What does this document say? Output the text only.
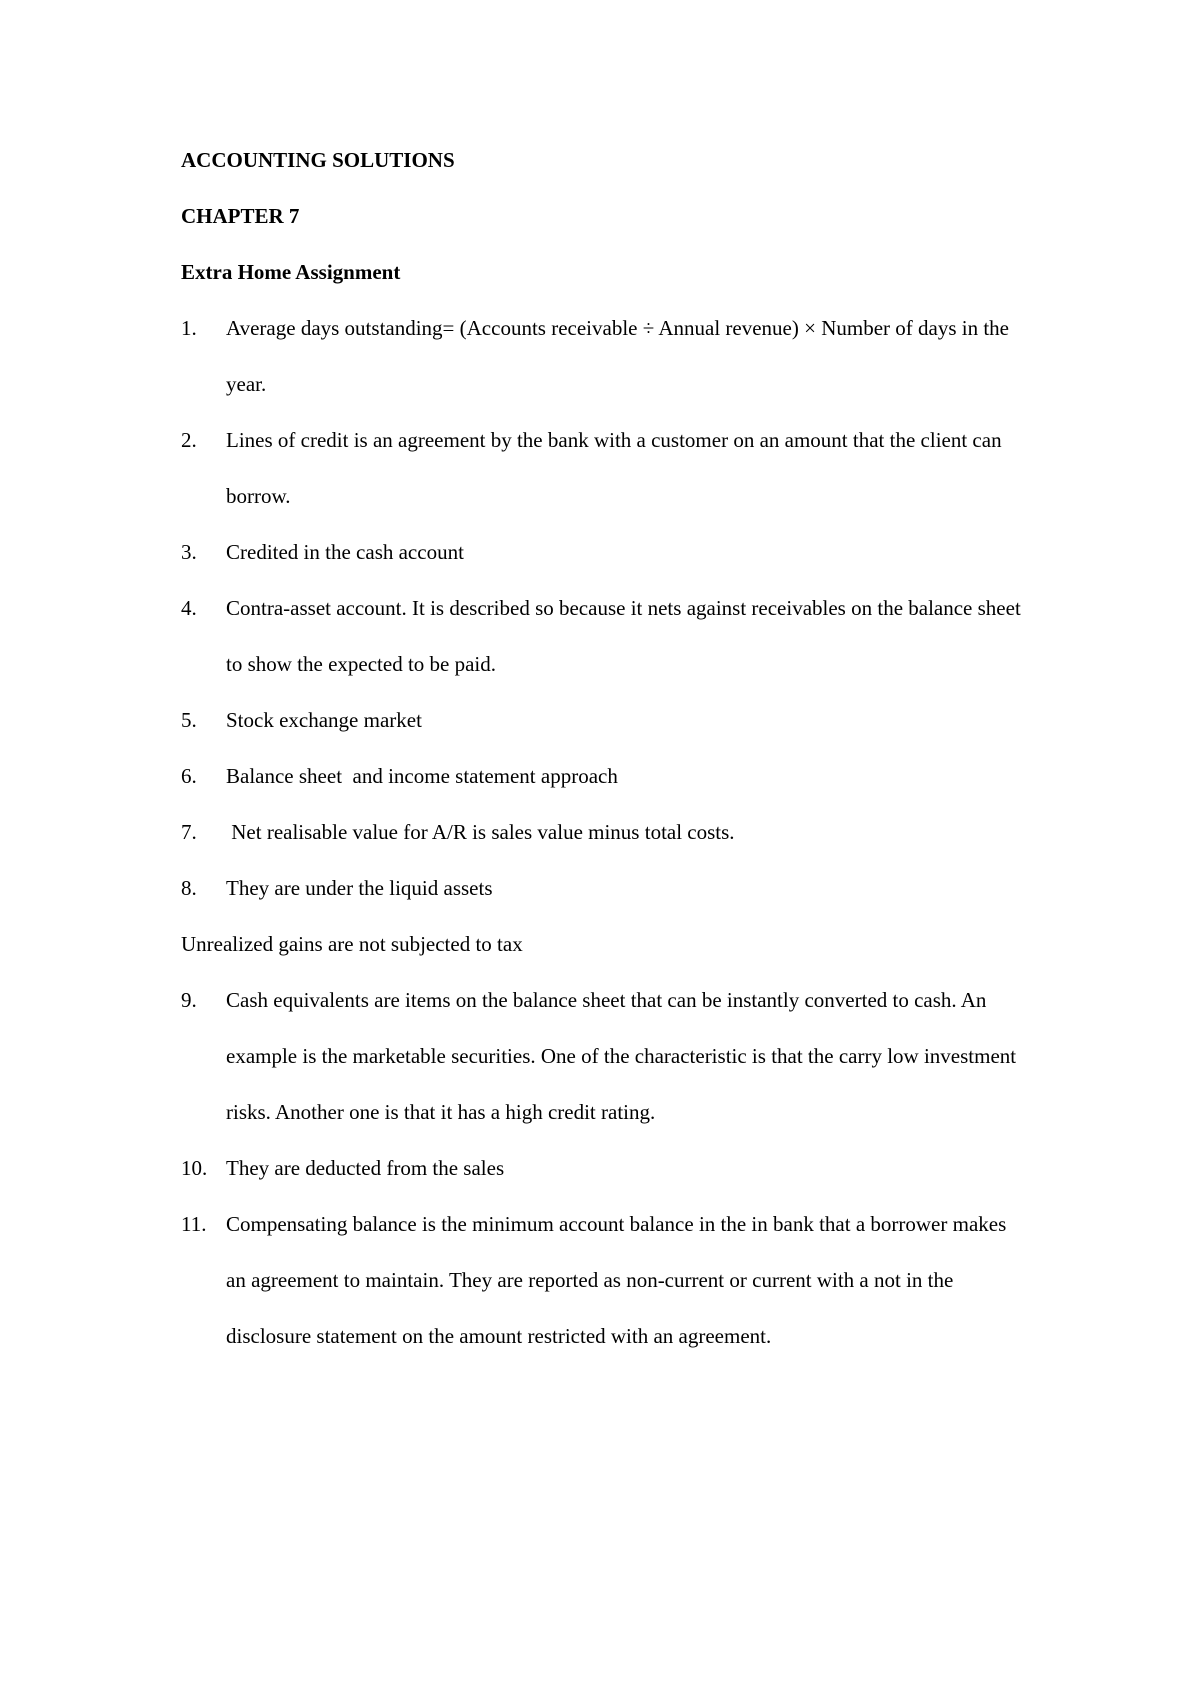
ACCOUNTING SOLUTIONS
CHAPTER 7
Extra Home Assignment
1.	Average days outstanding= (Accounts receivable ÷ Annual revenue) × Number of days in the year.
2.	Lines of credit is an agreement by the bank with a customer on an amount that the client can borrow.
3.	Credited in the cash account
4.	Contra-asset account. It is described so because it nets against receivables on the balance sheet to show the expected to be paid.
5.	Stock exchange market
6.	Balance sheet  and income statement approach
7.	Net realisable value for A/R is sales value minus total costs.
8.	They are under the liquid assets
Unrealized gains are not subjected to tax
9.	Cash equivalents are items on the balance sheet that can be instantly converted to cash. An example is the marketable securities. One of the characteristic is that the carry low investment risks. Another one is that it has a high credit rating.
10. They are deducted from the sales
11. Compensating balance is the minimum account balance in the in bank that a borrower makes an agreement to maintain. They are reported as non-current or current with a not in the disclosure statement on the amount restricted with an agreement.
